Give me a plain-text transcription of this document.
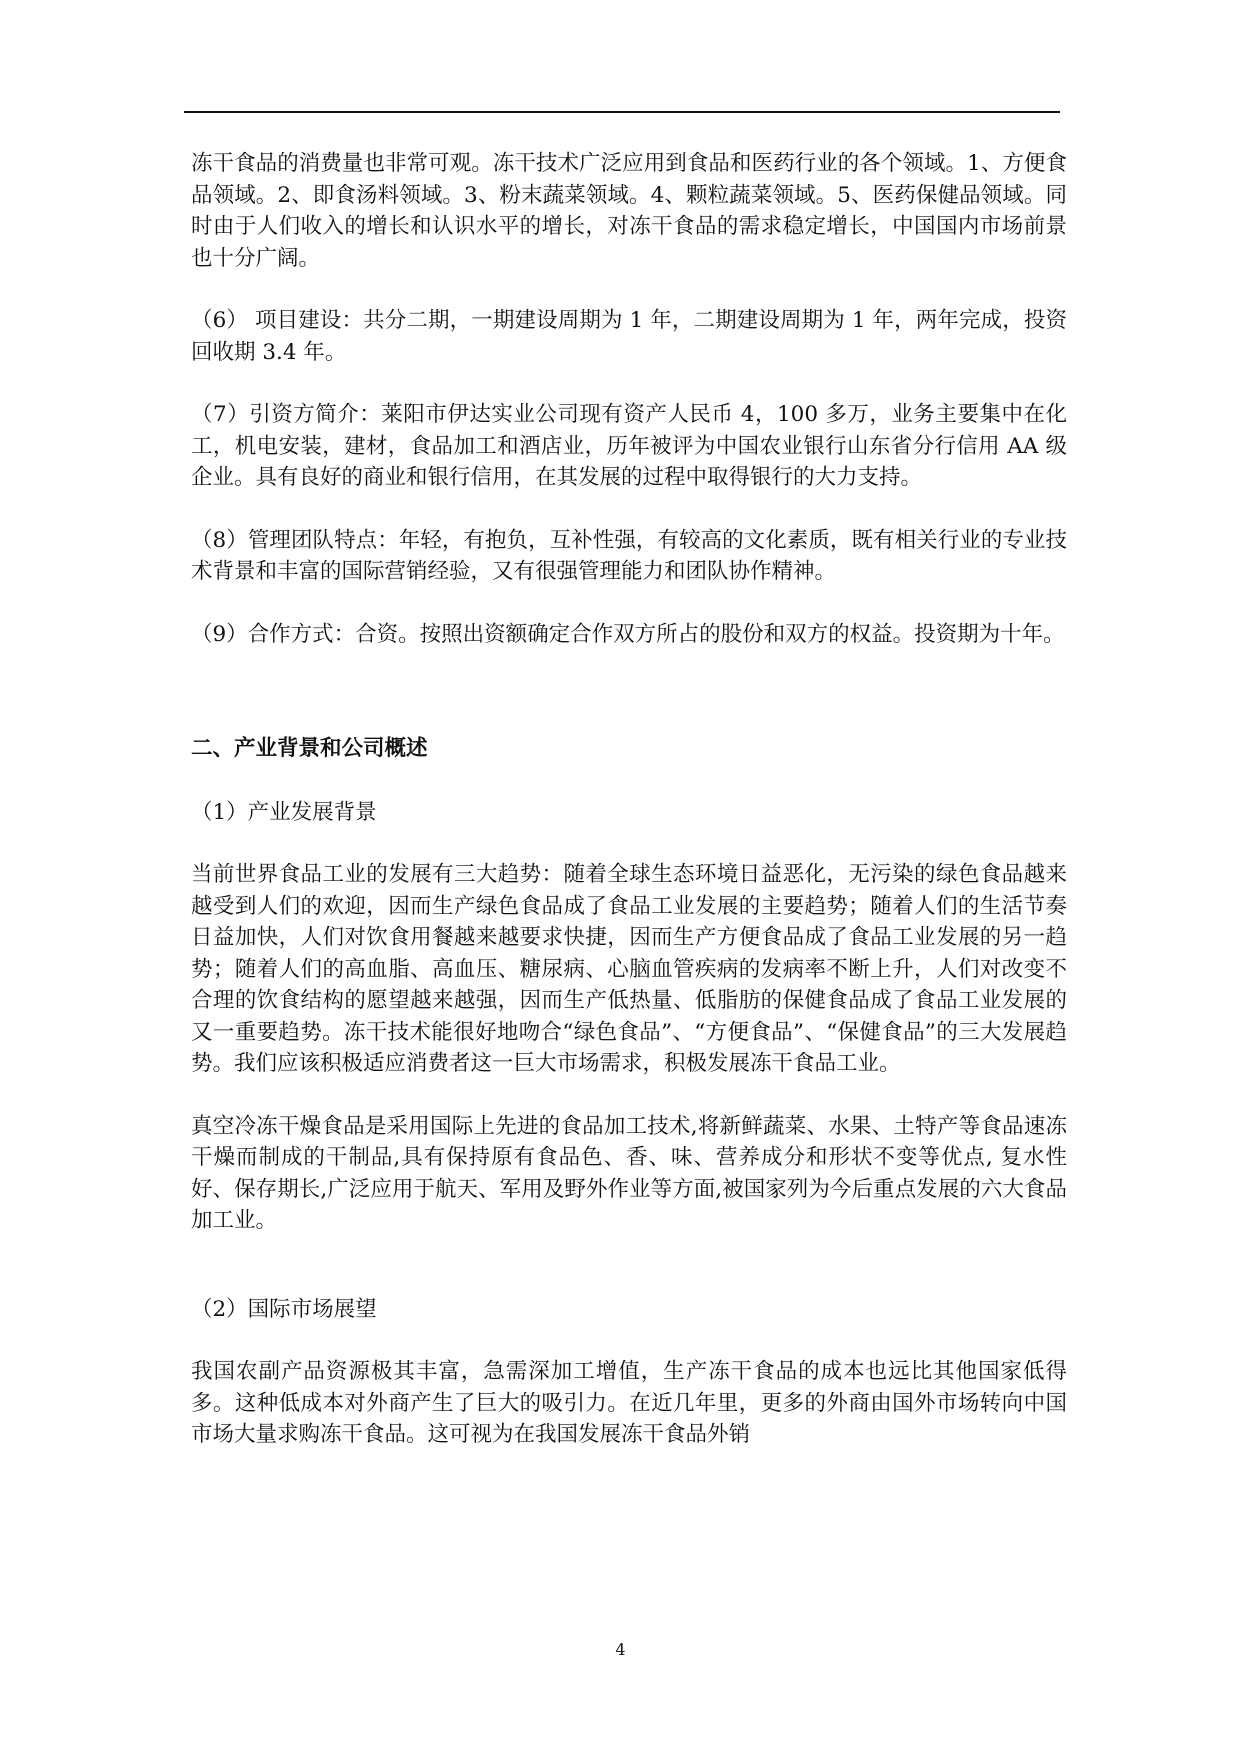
冻干食品的消费量也非常可观。冻干技术广泛应用到食品和医药行业的各个领域。1、方便食品领域。2、即食汤料领域。3、粉末蔬菜领域。4、颗粒蔬菜领域。5、医药保健品领域。同时由于人们收入的增长和认识水平的增长，对冻干食品的需求稳定增长，中国国内市场前景也十分广阔。

（6） 项目建设：共分二期，一期建设周期为 1 年，二期建设周期为 1 年，两年完成，投资回收期 3.4 年。

（7）引资方简介：莱阳市伊达实业公司现有资产人民币 4，100 多万，业务主要集中在化工，机电安装，建材，食品加工和酒店业，历年被评为中国农业银行山东省分行信用 AA 级企业。具有良好的商业和银行信用，在其发展的过程中取得银行的大力支持。

（8）管理团队特点：年轻，有抱负，互补性强，有较高的文化素质，既有相关行业的专业技术背景和丰富的国际营销经验，又有很强管理能力和团队协作精神。

（9）合作方式：合资。按照出资额确定合作双方所占的股份和双方的权益。投资期为十年。

二、产业背景和公司概述

（1）产业发展背景

当前世界食品工业的发展有三大趋势：随着全球生态环境日益恶化，无污染的绿色食品越来越受到人们的欢迎，因而生产绿色食品成了食品工业发展的主要趋势；随着人们的生活节奏日益加快，人们对饮食用餐越来越要求快捷，因而生产方便食品成了食品工业发展的另一趋势；随着人们的高血脂、高血压、糖尿病、心脑血管疾病的发病率不断上升，人们对改变不合理的饮食结构的愿望越来越强，因而生产低热量、低脂肪的保健食品成了食品工业发展的又一重要趋势。冻干技术能很好地吻合“绿色食品”、“方便食品”、“保健食品”的三大发展趋势。我们应该积极适应消费者这一巨大市场需求，积极发展冻干食品工业。

真空冷冻干燥食品是采用国际上先进的食品加工技术,将新鲜蔬菜、水果、土特产等食品速冻干燥而制成的干制品,具有保持原有食品色、香、味、营养成分和形状不变等优点, 复水性好、保存期长,广泛应用于航天、军用及野外作业等方面,被国家列为今后重点发展的六大食品加工业。

（2）国际市场展望

我国农副产品资源极其丰富，急需深加工增值，生产冻干食品的成本也远比其他国家低得多。这种低成本对外商产生了巨大的吸引力。在近几年里，更多的外商由国外市场转向中国市场大量求购冻干食品。这可视为在我国发展冻干食品外销

4
